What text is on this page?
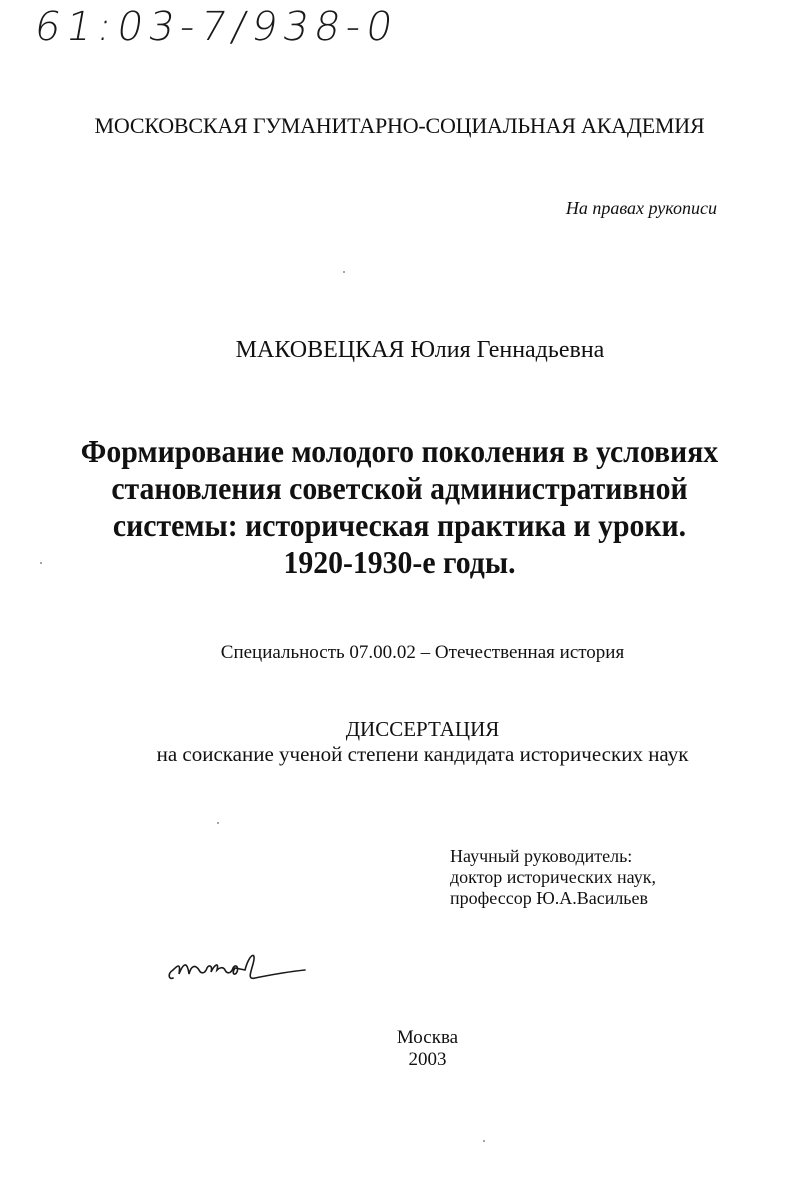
61:03-7/938-0
МОСКОВСКАЯ ГУМАНИТАРНО-СОЦИАЛЬНАЯ АКАДЕМИЯ
На правах рукописи
МАКОВЕЦКАЯ Юлия Геннадьевна
Формирование молодого поколения в условиях
становления советской административной
системы: историческая практика и уроки.
1920-1930-е годы.
Специальность 07.00.02 – Отечественная история
ДИССЕРТАЦИЯ
на соискание ученой степени кандидата исторических наук
Научный руководитель:
доктор исторических наук,
профессор Ю.А.Васильев
Москва
2003
